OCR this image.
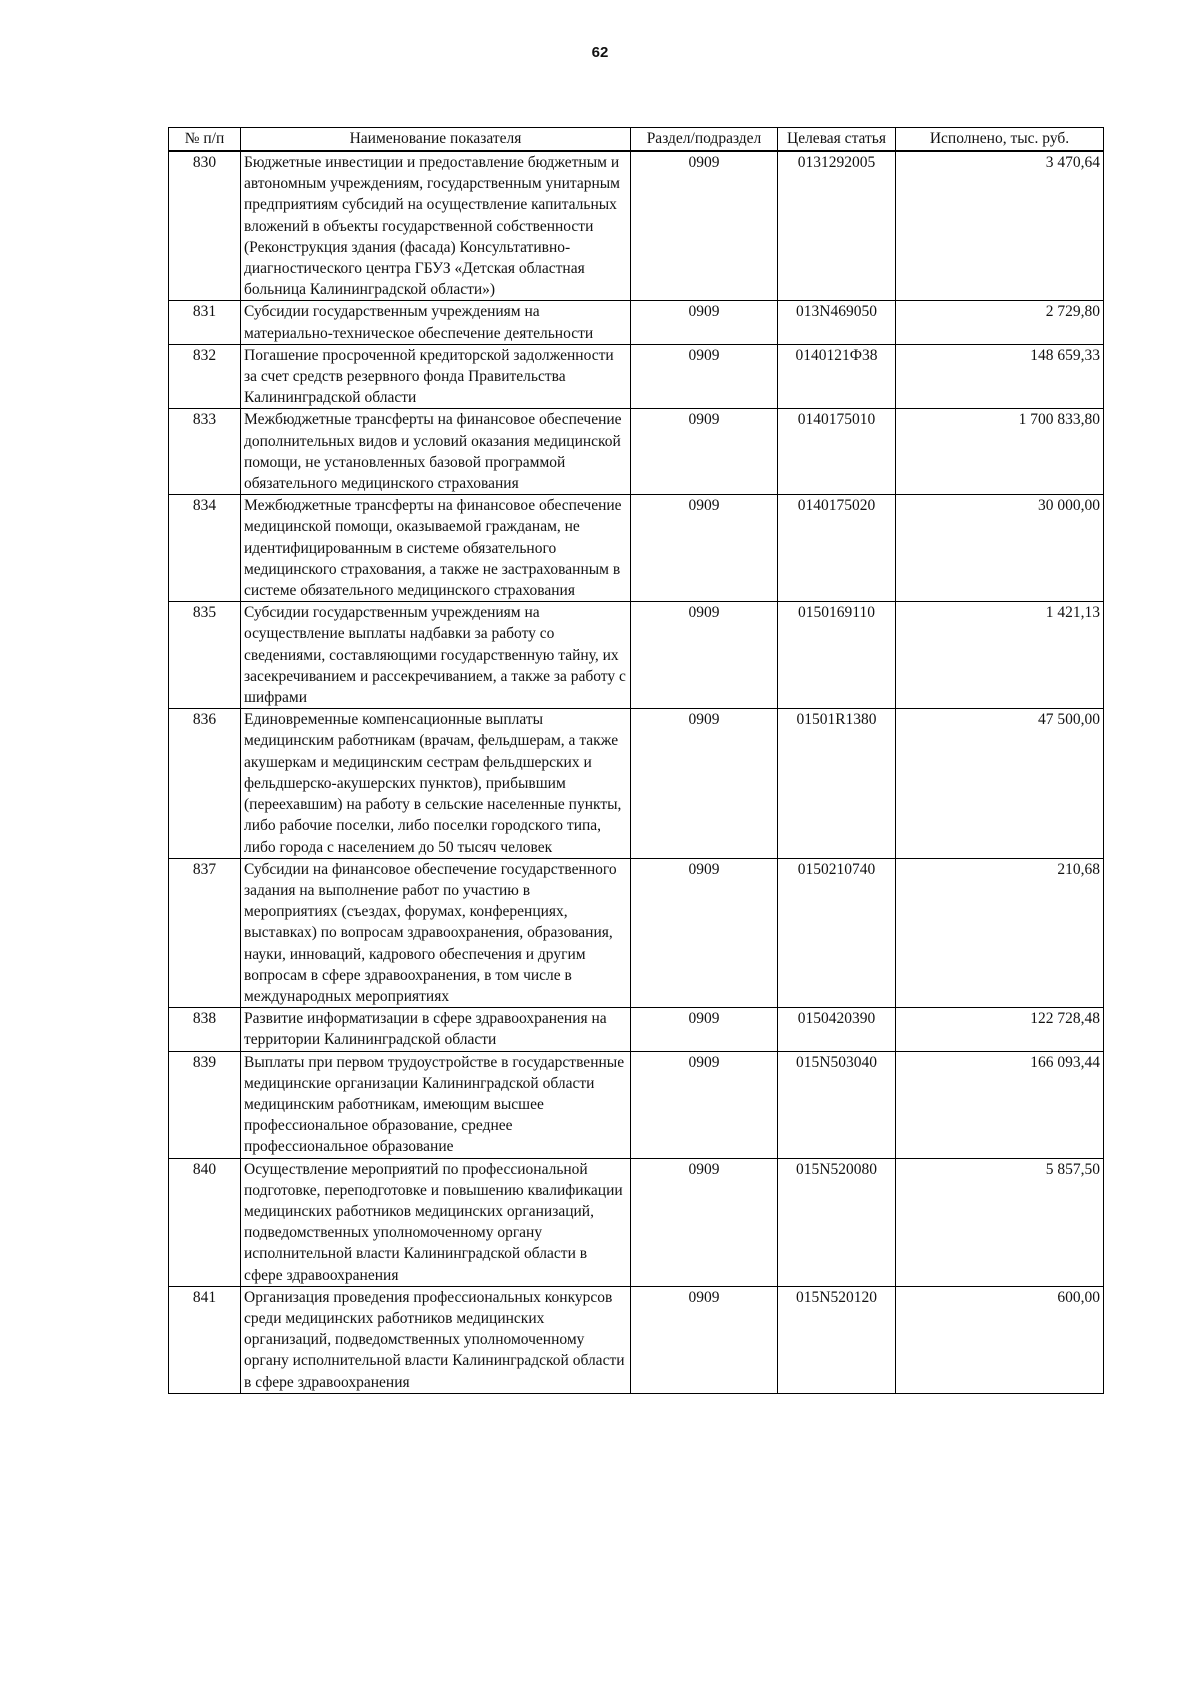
62
№ п/п	Наименование показателя	Раздел/подраздел	Целевая статья	Исполнено, тыс. руб.
830	Бюджетные инвестиции и предоставление бюджетным и автономным учреждениям, государственным унитарным предприятиям субсидий на осуществление капитальных вложений в объекты государственной собственности (Реконструкция здания (фасада) Консультативно-диагностического центра ГБУЗ «Детская областная больница Калининградской области»)	0909	0131292005	3 470,64
831	Субсидии государственным учреждениям на материально-техническое обеспечение деятельности	0909	013N469050	2 729,80
832	Погашение просроченной кредиторской задолженности за счет средств резервного фонда Правительства Калининградской области	0909	0140121Ф38	148 659,33
833	Межбюджетные трансферты на финансовое обеспечение дополнительных видов и условий оказания медицинской помощи, не установленных базовой программой обязательного медицинского страхования	0909	0140175010	1 700 833,80
834	Межбюджетные трансферты на финансовое обеспечение медицинской помощи, оказываемой гражданам, не идентифицированным в системе обязательного медицинского страхования, а также не застрахованным в системе обязательного медицинского страхования	0909	0140175020	30 000,00
835	Субсидии государственным учреждениям на осуществление выплаты надбавки за работу со сведениями, составляющими государственную тайну, их засекречиванием и рассекречиванием, а также за работу с шифрами	0909	0150169110	1 421,13
836	Единовременные компенсационные выплаты медицинским работникам (врачам, фельдшерам, а также акушеркам и медицинским сестрам фельдшерских и фельдшерско-акушерских пунктов), прибывшим (переехавшим) на работу в сельские населенные пункты, либо рабочие поселки, либо поселки городского типа, либо города с населением до 50 тысяч человек	0909	01501R1380	47 500,00
837	Субсидии на финансовое обеспечение государственного задания на выполнение работ по участию в мероприятиях (съездах, форумах, конференциях, выставках) по вопросам здравоохранения, образования, науки, инноваций, кадрового обеспечения и другим вопросам в сфере здравоохранения, в том числе в международных мероприятиях	0909	0150210740	210,68
838	Развитие информатизации в сфере здравоохранения на территории Калининградской области	0909	0150420390	122 728,48
839	Выплаты при первом трудоустройстве в государственные медицинские организации Калининградской области медицинским работникам, имеющим высшее профессиональное образование, среднее профессиональное образование	0909	015N503040	166 093,44
840	Осуществление мероприятий по профессиональной подготовке, переподготовке и повышению квалификации медицинских работников медицинских организаций, подведомственных уполномоченному органу исполнительной власти Калининградской области в сфере здравоохранения	0909	015N520080	5 857,50
841	Организация проведения профессиональных конкурсов среди медицинских работников медицинских организаций, подведомственных уполномоченному органу исполнительной власти Калининградской области в сфере здравоохранения	0909	015N520120	600,00
